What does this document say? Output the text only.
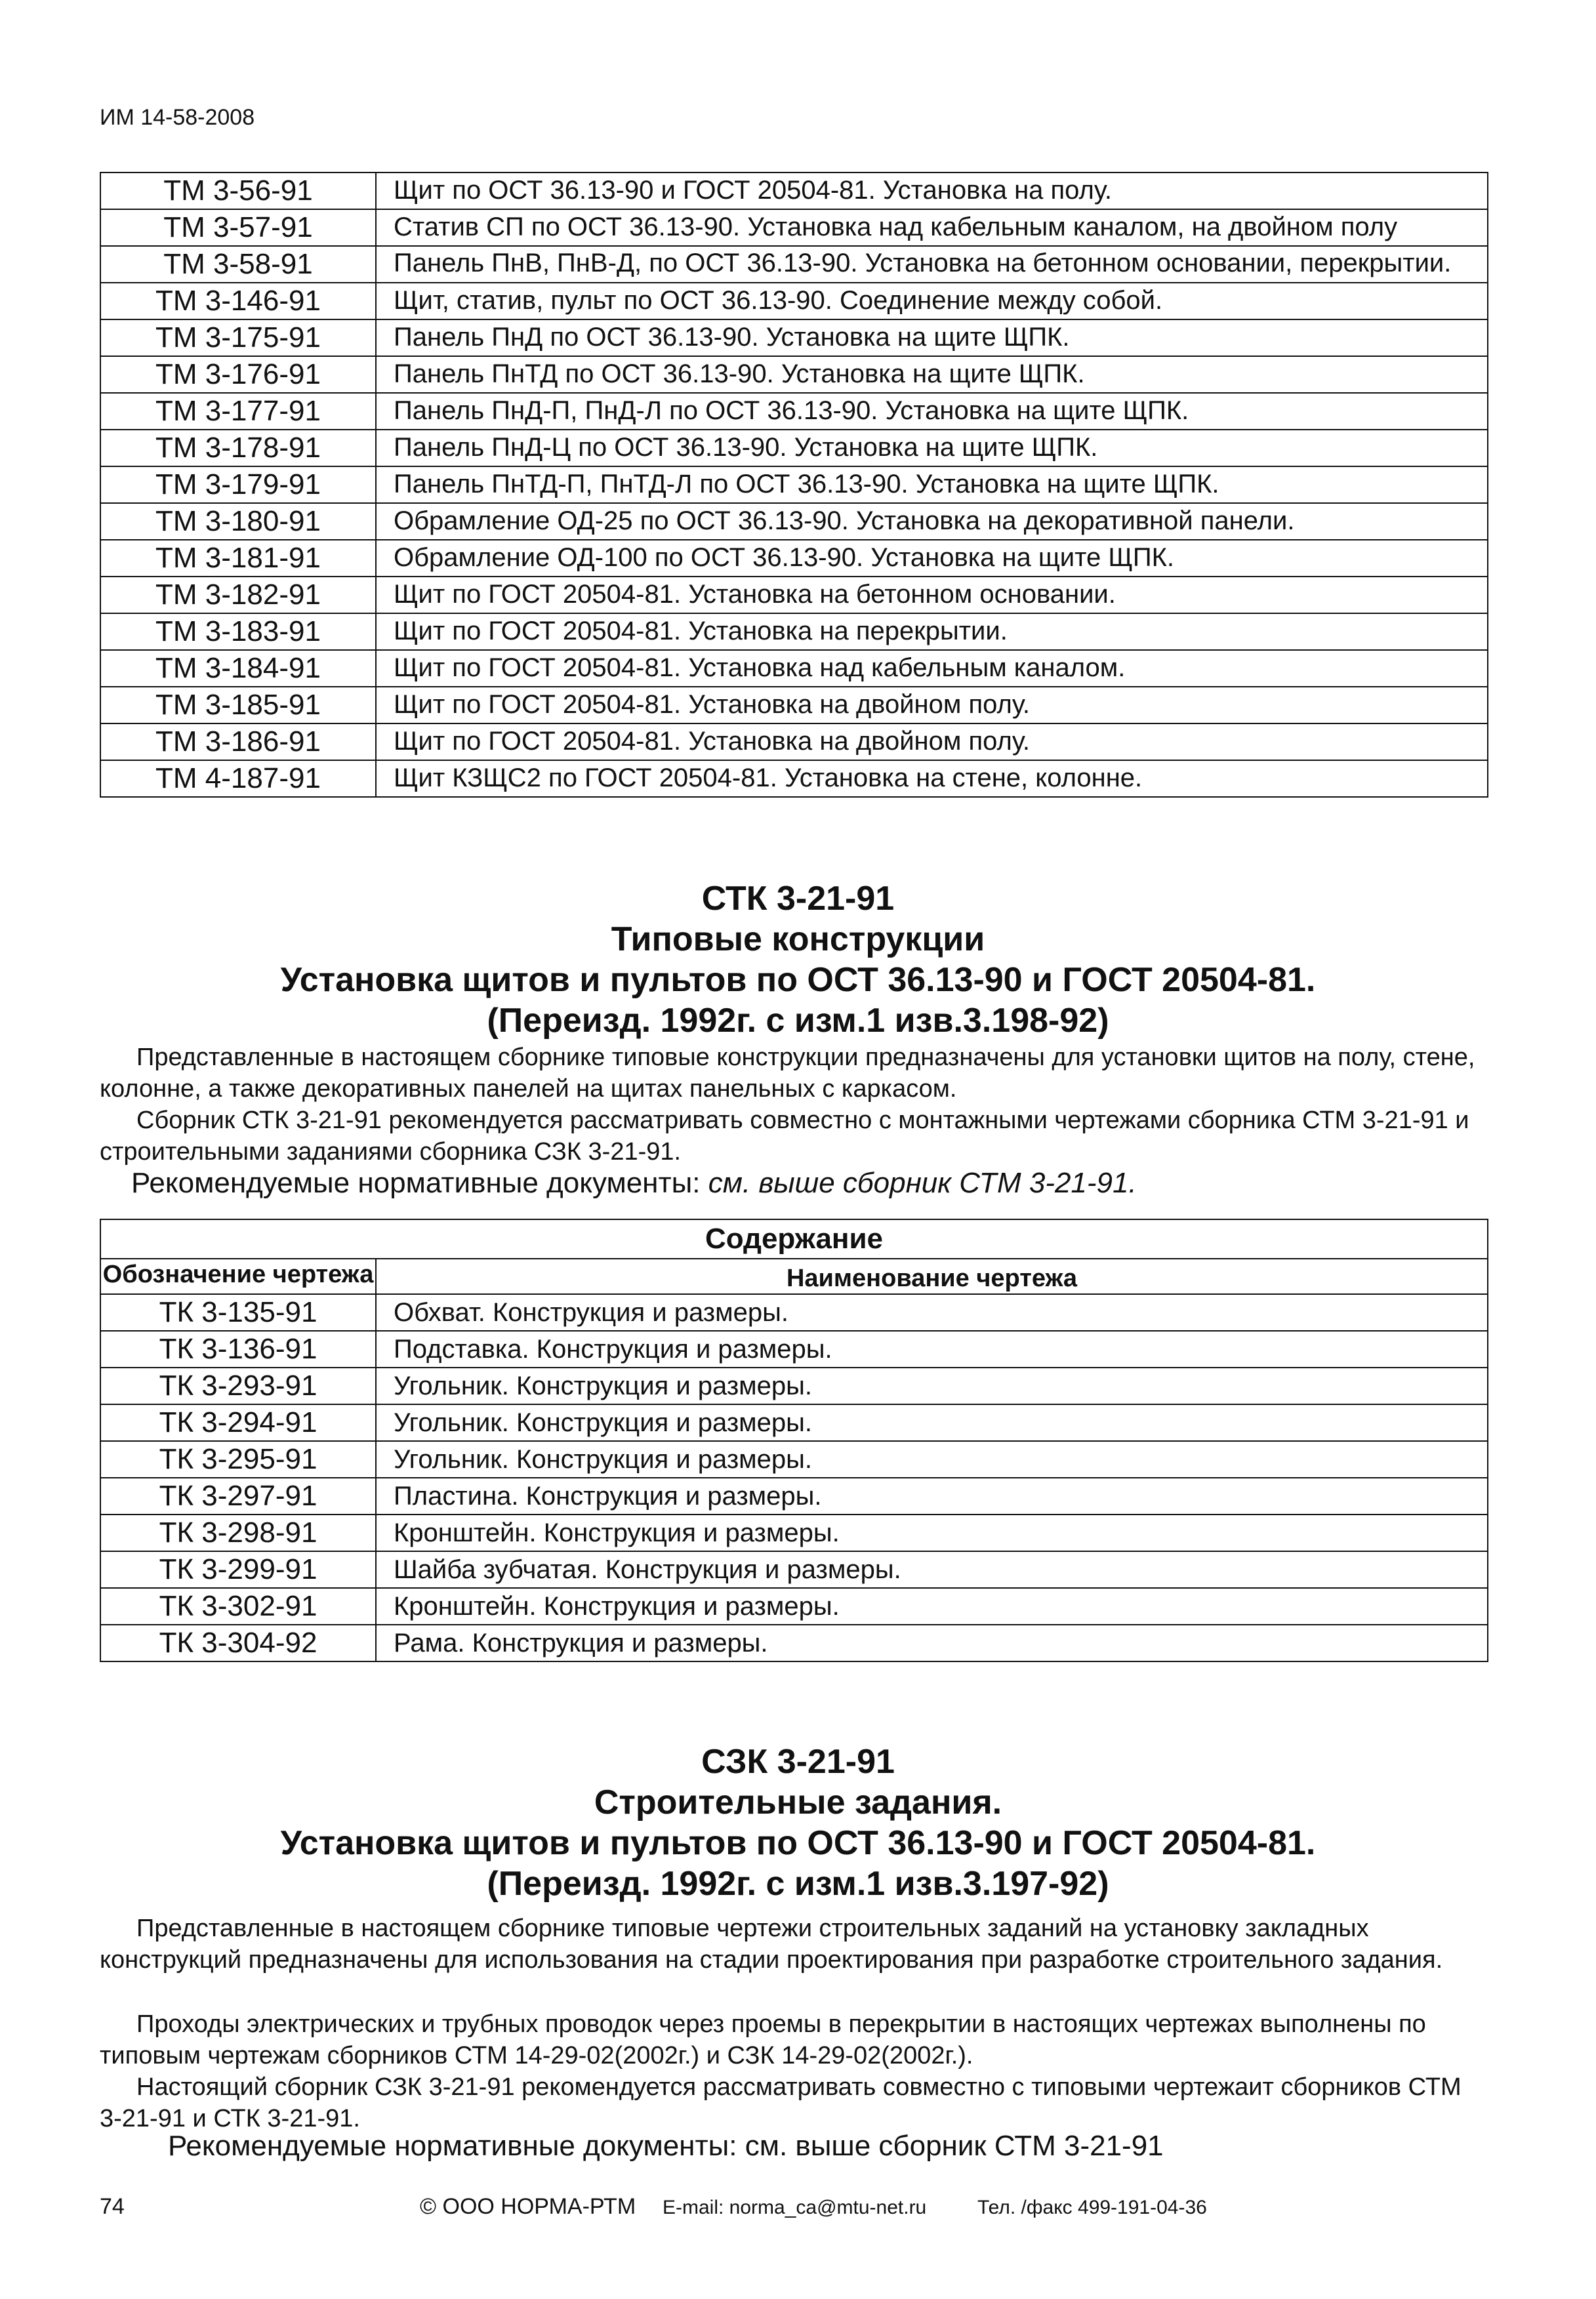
ИМ 14-58-2008
ТМ 3-56-91	Щит по ОСТ 36.13-90 и ГОСТ 20504-81. Установка на полу.
ТМ 3-57-91	Статив СП по ОСТ 36.13-90. Установка над кабельным каналом, на двойном полу
ТМ 3-58-91	Панель ПнВ, ПнВ-Д, по ОСТ 36.13-90. Установка на бетонном основании, перекрытии.
ТМ 3-146-91	Щит, статив, пульт по ОСТ 36.13-90. Соединение между собой.
ТМ 3-175-91	Панель ПнД по ОСТ 36.13-90. Установка на щите ЩПК.
ТМ 3-176-91	Панель ПнТД по ОСТ 36.13-90. Установка на щите ЩПК.
ТМ 3-177-91	Панель ПнД-П, ПнД-Л по ОСТ 36.13-90. Установка на щите ЩПК.
ТМ 3-178-91	Панель ПнД-Ц по ОСТ 36.13-90. Установка на щите ЩПК.
ТМ 3-179-91	Панель ПнТД-П, ПнТД-Л по ОСТ 36.13-90. Установка на щите ЩПК.
ТМ 3-180-91	Обрамление ОД-25 по ОСТ 36.13-90. Установка на декоративной панели.
ТМ 3-181-91	Обрамление ОД-100 по ОСТ 36.13-90. Установка на щите ЩПК.
ТМ 3-182-91	Щит по ГОСТ 20504-81. Установка на бетонном основании.
ТМ 3-183-91	Щит по ГОСТ 20504-81. Установка на перекрытии.
ТМ 3-184-91	Щит по ГОСТ 20504-81. Установка над кабельным каналом.
ТМ 3-185-91	Щит по ГОСТ 20504-81. Установка на двойном полу.
ТМ 3-186-91	Щит по ГОСТ 20504-81. Установка на двойном полу.
ТМ 4-187-91	Щит КЗЩС2 по ГОСТ 20504-81. Установка на стене, колонне.
СТК 3-21-91
Типовые конструкции
Установка щитов и пультов по ОСТ 36.13-90 и ГОСТ 20504-81.
(Переизд. 1992г. с изм.1 изв.3.198-92)
Представленные в настоящем сборнике типовые конструкции предназначены для установки щитов на полу, стене, колонне, а также декоративных панелей на щитах панельных с каркасом.
Сборник СТК 3-21-91 рекомендуется рассматривать совместно с монтажными чертежами сборника СТМ 3-21-91 и строительными заданиями сборника СЗК 3-21-91.
Рекомендуемые нормативные документы: см. выше сборник СТМ 3-21-91.
Содержание	
Обозначение чертежа	Наименование чертежа
ТК 3-135-91	Обхват. Конструкция и размеры.
ТК 3-136-91	Подставка. Конструкция и размеры.
ТК 3-293-91	Угольник. Конструкция и размеры.
ТК 3-294-91	Угольник. Конструкция и размеры.
ТК 3-295-91	Угольник. Конструкция и размеры.
ТК 3-297-91	Пластина. Конструкция и размеры.
ТК 3-298-91	Кронштейн. Конструкция и размеры.
ТК 3-299-91	Шайба зубчатая. Конструкция и размеры.
ТК 3-302-91	Кронштейн. Конструкция и размеры.
ТК 3-304-92	Рама. Конструкция и размеры.
СЗК 3-21-91
Строительные задания.
Установка щитов и пультов по ОСТ 36.13-90 и ГОСТ 20504-81.
(Переизд. 1992г. с изм.1 изв.3.197-92)
Представленные в настоящем сборнике типовые чертежи строительных заданий на установку закладных конструкций предназначены для использования на стадии проектирования при разработке строительного задания.
Проходы электрических и трубных проводок через проемы в перекрытии в настоящих чертежах выполнены по типовым чертежам сборников СТМ 14-29-02(2002г.) и СЗК 14-29-02(2002г.).
Настоящий сборник СЗК 3-21-91 рекомендуется рассматривать совместно с типовыми чертежаит сборников СТМ 3-21-91 и СТК 3-21-91.
Рекомендуемые нормативные документы: см. выше сборник СТМ 3-21-91
74	© ООО НОРМА-РТМ E-mail: norma_ca@mtu-net.ru	Тел. /факс 499-191-04-36
